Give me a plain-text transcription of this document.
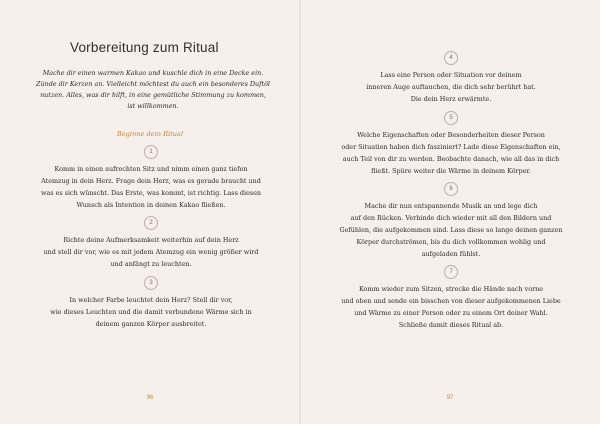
Vorbereitung zum Ritual
Mache dir einen warmen Kakao und kuschle dich in eine Decke ein.
Zünde dir Kerzen an. Vielleicht möchtest du auch ein besonderes Duftöl
nutzen. Alles, was dir hilft, in eine gemütliche Stimmung zu kommen,
ist willkommen.
Beginne dein Ritual
1
Komm in einen aufrechten Sitz und nimm einen ganz tiefen
Atemzug in dein Herz. Frage dein Herz, was es gerade braucht und
was es sich wünscht. Das Erste, was kommt, ist richtig. Lass diesen
Wunsch als Intention in deinen Kakao fließen.
2
Richte deine Aufmerksamkeit weiterhin auf dein Herz
und stell dir vor, wie es mit jedem Atemzug ein wenig größer wird
und anfängt zu leuchten.
3
In welcher Farbe leuchtet dein Herz? Stell dir vor,
wie dieses Leuchten und die damit verbundene Wärme sich in
deinem ganzen Körper ausbreitet.
96
4
Lass eine Person oder Situation vor deinem
inneren Auge auftauchen, die dich sehr berührt hat.
Die dein Herz erwärmte.
5
Welche Eigenschaften oder Besonderheiten dieser Person
oder Situation haben dich fasziniert? Lade diese Eigenschaften ein,
auch Teil von dir zu werden. Beobachte danach, wie all das in dich
fließt. Spüre weiter die Wärme in deinem Körper.
6
Mache dir nun entspannende Musik an und lege dich
auf den Rücken. Verbinde dich wieder mit all den Bildern und
Gefühlen, die aufgekommen sind. Lass diese so lange deinen ganzen
Körper durchströmen, bis du dich vollkommen wohlig und
aufgeladen fühlst.
7
Komm wieder zum Sitzen, strecke die Hände nach vorne
und oben und sende ein bisschen von dieser aufgekommenen Liebe
und Wärme zu einer Person oder zu einem Ort deiner Wahl.
Schließe damit dieses Ritual ab.
97
